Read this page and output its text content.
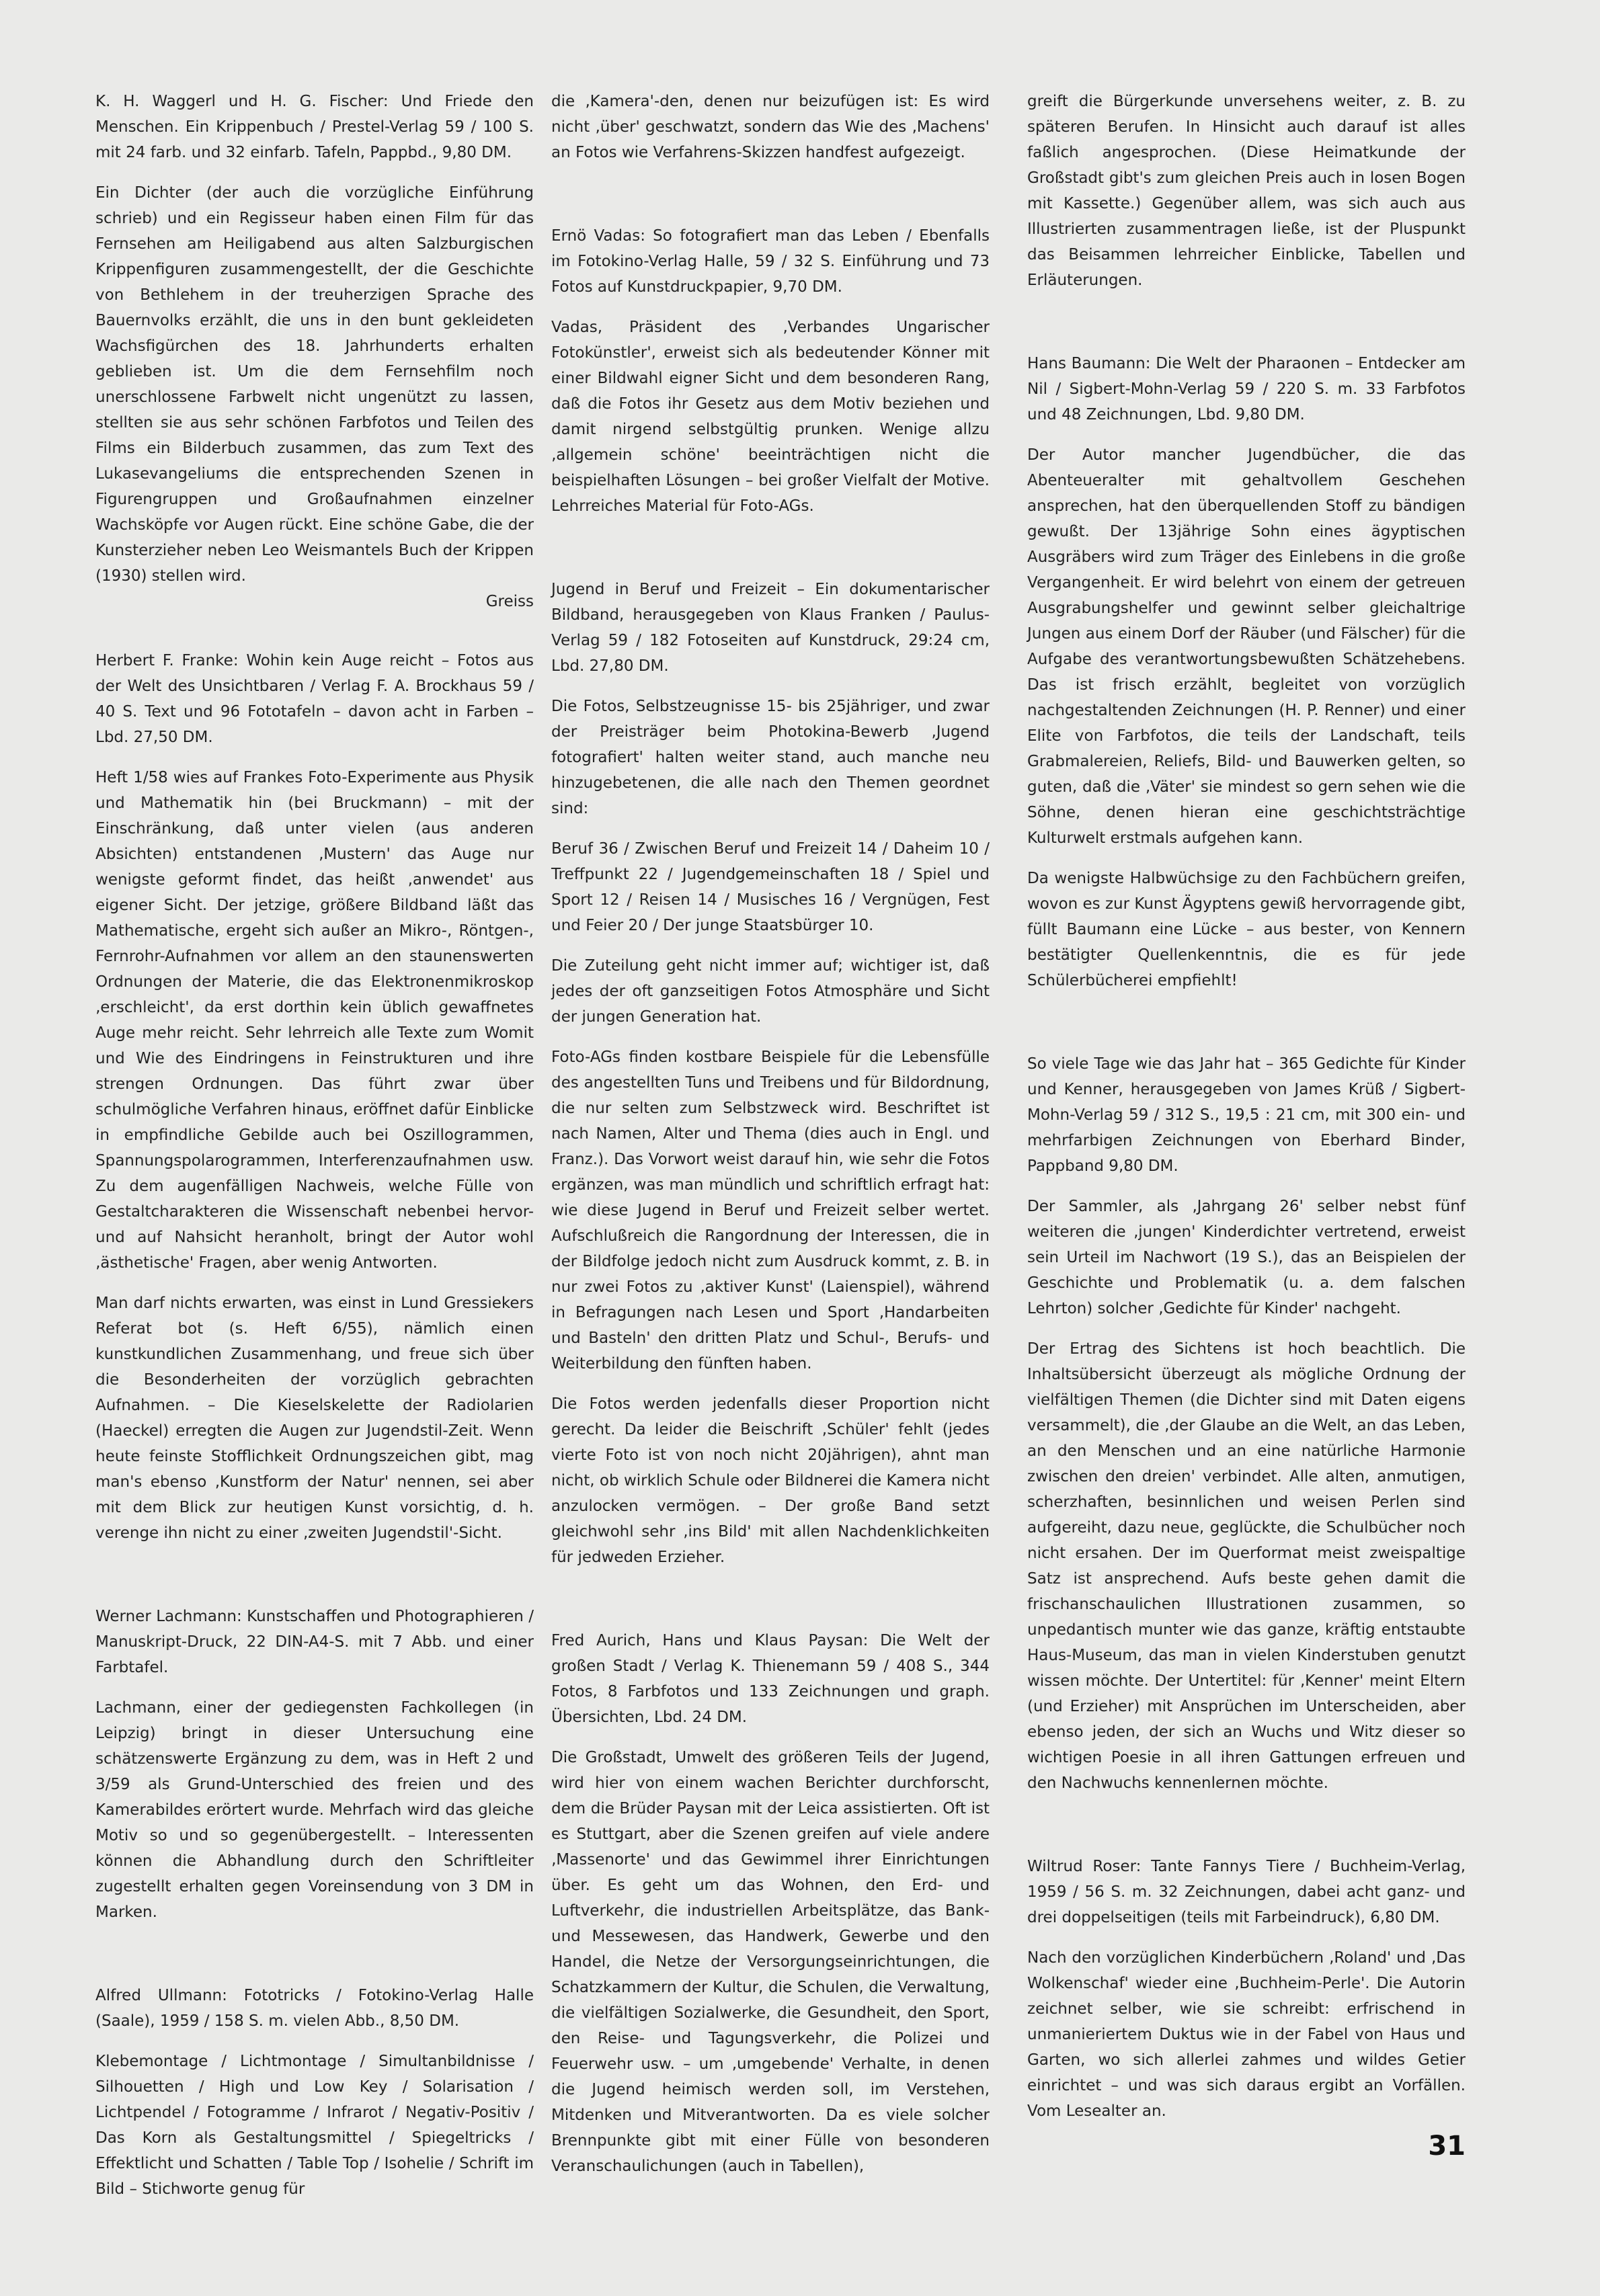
K. H. Waggerl und H. G. Fischer: Und Friede den Menschen. Ein Krippenbuch / Prestel-Verlag 59 / 100 S. mit 24 farb. und 32 einfarb. Tafeln, Pappbd., 9,80 DM.

Ein Dichter (der auch die vorzügliche Einführung schrieb) und ein Regisseur haben einen Film für das Fernsehen am Heiligabend aus alten Salzburgischen Krippenfiguren zusammengestellt, der die Geschichte von Bethlehem in der treuherzigen Sprache des Bauernvolks erzählt, die uns in den bunt gekleideten Wachsfigürchen des 18. Jahrhunderts erhalten geblieben ist. Um die dem Fernsehfilm noch unerschlossene Farbwelt nicht ungenützt zu lassen, stellten sie aus sehr schönen Farbfotos und Teilen des Films ein Bilderbuch zusammen, das zum Text des Lukasevangeliums die entsprechenden Szenen in Figurengruppen und Großaufnahmen einzelner Wachsköpfe vor Augen rückt. Eine schöne Gabe, die der Kunsterzieher neben Leo Weismantels Buch der Krippen (1930) stellen wird.
Greiss

Herbert F. Franke: Wohin kein Auge reicht – Fotos aus der Welt des Unsichtbaren / Verlag F. A. Brockhaus 59 / 40 S. Text und 96 Fototafeln – davon acht in Farben – Lbd. 27,50 DM.

Heft 1/58 wies auf Frankes Foto-Experimente aus Physik und Mathematik hin (bei Bruckmann) – mit der Einschränkung, daß unter vielen (aus anderen Absichten) entstandenen ‚Mustern' das Auge nur wenigste geformt findet, das heißt ‚anwendet' aus eigener Sicht. Der jetzige, größere Bildband läßt das Mathematische, ergeht sich außer an Mikro-, Röntgen-, Fernrohr-Aufnahmen vor allem an den staunenswerten Ordnungen der Materie, die das Elektronenmikroskop ‚erschleicht', da erst dorthin kein üblich gewaffnetes Auge mehr reicht. Sehr lehrreich alle Texte zum Womit und Wie des Eindringens in Feinstrukturen und ihre strengen Ordnungen. Das führt zwar über schulmögliche Verfahren hinaus, eröffnet dafür Einblicke in empfindliche Gebilde auch bei Oszillogrammen, Spannungspolarogrammen, Interferenzaufnahmen usw. Zu dem augenfälligen Nachweis, welche Fülle von Gestaltcharakteren die Wissenschaft nebenbei hervor- und auf Nahsicht heranholt, bringt der Autor wohl ‚ästhetische' Fragen, aber wenig Antworten.

Man darf nichts erwarten, was einst in Lund Gressiekers Referat bot (s. Heft 6/55), nämlich einen kunstkundlichen Zusammenhang, und freue sich über die Besonderheiten der vorzüglich gebrachten Aufnahmen. – Die Kieselskelette der Radiolarien (Haeckel) erregten die Augen zur Jugendstil-Zeit. Wenn heute feinste Stofflichkeit Ordnungszeichen gibt, mag man's ebenso ‚Kunstform der Natur' nennen, sei aber mit dem Blick zur heutigen Kunst vorsichtig, d. h. verenge ihn nicht zu einer ‚zweiten Jugendstil'-Sicht.

Werner Lachmann: Kunstschaffen und Photographieren / Manuskript-Druck, 22 DIN-A4-S. mit 7 Abb. und einer Farbtafel.

Lachmann, einer der gediegensten Fachkollegen (in Leipzig) bringt in dieser Untersuchung eine schätzenswerte Ergänzung zu dem, was in Heft 2 und 3/59 als Grund-Unterschied des freien und des Kamerabildes erörtert wurde. Mehrfach wird das gleiche Motiv so und so gegenübergestellt. – Interessenten können die Abhandlung durch den Schriftleiter zugestellt erhalten gegen Voreinsendung von 3 DM in Marken.

Alfred Ullmann: Fototricks / Fotokino-Verlag Halle (Saale), 1959 / 158 S. m. vielen Abb., 8,50 DM.

Klebemontage / Lichtmontage / Simultanbildnisse / Silhouetten / High und Low Key / Solarisation / Lichtpendel / Fotogramme / Infrarot / Negativ-Positiv / Das Korn als Gestaltungsmittel / Spiegeltricks / Effektlicht und Schatten / Table Top / Isohelie / Schrift im Bild – Stichworte genug für

die ‚Kamera'-den, denen nur beizufügen ist: Es wird nicht ‚über' geschwatzt, sondern das Wie des ‚Machens' an Fotos wie Verfahrens-Skizzen handfest aufgezeigt.

Ernö Vadas: So fotografiert man das Leben / Ebenfalls im Fotokino-Verlag Halle, 59 / 32 S. Einführung und 73 Fotos auf Kunstdruckpapier, 9,70 DM.

Vadas, Präsident des ‚Verbandes Ungarischer Fotokünstler', erweist sich als bedeutender Könner mit einer Bildwahl eigner Sicht und dem besonderen Rang, daß die Fotos ihr Gesetz aus dem Motiv beziehen und damit nirgend selbstgültig prunken. Wenige allzu ‚allgemein schöne' beeinträchtigen nicht die beispielhaften Lösungen – bei großer Vielfalt der Motive. Lehrreiches Material für Foto-AGs.

Jugend in Beruf und Freizeit – Ein dokumentarischer Bildband, herausgegeben von Klaus Franken / Paulus-Verlag 59 / 182 Fotoseiten auf Kunstdruck, 29:24 cm, Lbd. 27,80 DM.

Die Fotos, Selbstzeugnisse 15- bis 25jähriger, und zwar der Preisträger beim Photokina-Bewerb ‚Jugend fotografiert' halten weiter stand, auch manche neu hinzugebetenen, die alle nach den Themen geordnet sind:

Beruf 36 / Zwischen Beruf und Freizeit 14 / Daheim 10 / Treffpunkt 22 / Jugendgemeinschaften 18 / Spiel und Sport 12 / Reisen 14 / Musisches 16 / Vergnügen, Fest und Feier 20 / Der junge Staatsbürger 10.

Die Zuteilung geht nicht immer auf; wichtiger ist, daß jedes der oft ganzseitigen Fotos Atmosphäre und Sicht der jungen Generation hat.

Foto-AGs finden kostbare Beispiele für die Lebensfülle des angestellten Tuns und Treibens und für Bildordnung, die nur selten zum Selbstzweck wird. Beschriftet ist nach Namen, Alter und Thema (dies auch in Engl. und Franz.). Das Vorwort weist darauf hin, wie sehr die Fotos ergänzen, was man mündlich und schriftlich erfragt hat: wie diese Jugend in Beruf und Freizeit selber wertet. Aufschlußreich die Rangordnung der Interessen, die in der Bildfolge jedoch nicht zum Ausdruck kommt, z. B. in nur zwei Fotos zu ‚aktiver Kunst' (Laienspiel), während in Befragungen nach Lesen und Sport ‚Handarbeiten und Basteln' den dritten Platz und Schul-, Berufs- und Weiterbildung den fünften haben.

Die Fotos werden jedenfalls dieser Proportion nicht gerecht. Da leider die Beischrift ‚Schüler' fehlt (jedes vierte Foto ist von noch nicht 20jährigen), ahnt man nicht, ob wirklich Schule oder Bildnerei die Kamera nicht anzulocken vermögen. – Der große Band setzt gleichwohl sehr ‚ins Bild' mit allen Nachdenklichkeiten für jedweden Erzieher.

Fred Aurich, Hans und Klaus Paysan: Die Welt der großen Stadt / Verlag K. Thienemann 59 / 408 S., 344 Fotos, 8 Farbfotos und 133 Zeichnungen und graph. Übersichten, Lbd. 24 DM.

Die Großstadt, Umwelt des größeren Teils der Jugend, wird hier von einem wachen Berichter durchforscht, dem die Brüder Paysan mit der Leica assistierten. Oft ist es Stuttgart, aber die Szenen greifen auf viele andere ‚Massenorte' und das Gewimmel ihrer Einrichtungen über. Es geht um das Wohnen, den Erd- und Luftverkehr, die industriellen Arbeitsplätze, das Bank- und Messewesen, das Handwerk, Gewerbe und den Handel, die Netze der Versorgungseinrichtungen, die Schatzkammern der Kultur, die Schulen, die Verwaltung, die vielfältigen Sozialwerke, die Gesundheit, den Sport, den Reise- und Tagungsverkehr, die Polizei und Feuerwehr usw. – um ‚umgebende' Verhalte, in denen die Jugend heimisch werden soll, im Verstehen, Mitdenken und Mitverantworten. Da es viele solcher Brennpunkte gibt mit einer Fülle von besonderen Veranschaulichungen (auch in Tabellen),

greift die Bürgerkunde unversehens weiter, z. B. zu späteren Berufen. In Hinsicht auch darauf ist alles faßlich angesprochen. (Diese Heimatkunde der Großstadt gibt's zum gleichen Preis auch in losen Bogen mit Kassette.) Gegenüber allem, was sich auch aus Illustrierten zusammentragen ließe, ist der Pluspunkt das Beisammen lehrreicher Einblicke, Tabellen und Erläuterungen.

Hans Baumann: Die Welt der Pharaonen – Entdecker am Nil / Sigbert-Mohn-Verlag 59 / 220 S. m. 33 Farbfotos und 48 Zeichnungen, Lbd. 9,80 DM.

Der Autor mancher Jugendbücher, die das Abenteueralter mit gehaltvollem Geschehen ansprechen, hat den überquellenden Stoff zu bändigen gewußt. Der 13jährige Sohn eines ägyptischen Ausgräbers wird zum Träger des Einlebens in die große Vergangenheit. Er wird belehrt von einem der getreuen Ausgrabungshelfer und gewinnt selber gleichaltrige Jungen aus einem Dorf der Räuber (und Fälscher) für die Aufgabe des verantwortungsbewußten Schätzehebens. Das ist frisch erzählt, begleitet von vorzüglich nachgestaltenden Zeichnungen (H. P. Renner) und einer Elite von Farbfotos, die teils der Landschaft, teils Grabmalereien, Reliefs, Bild- und Bauwerken gelten, so guten, daß die ‚Väter' sie mindest so gern sehen wie die Söhne, denen hieran eine geschichtsträchtige Kulturwelt erstmals aufgehen kann.

Da wenigste Halbwüchsige zu den Fachbüchern greifen, wovon es zur Kunst Ägyptens gewiß hervorragende gibt, füllt Baumann eine Lücke – aus bester, von Kennern bestätigter Quellenkenntnis, die es für jede Schülerbücherei empfiehlt!

So viele Tage wie das Jahr hat – 365 Gedichte für Kinder und Kenner, herausgegeben von James Krüß / Sigbert-Mohn-Verlag 59 / 312 S., 19,5 : 21 cm, mit 300 ein- und mehrfarbigen Zeichnungen von Eberhard Binder, Pappband 9,80 DM.

Der Sammler, als ‚Jahrgang 26' selber nebst fünf weiteren die ‚jungen' Kinderdichter vertretend, erweist sein Urteil im Nachwort (19 S.), das an Beispielen der Geschichte und Problematik (u. a. dem falschen Lehrton) solcher ‚Gedichte für Kinder' nachgeht.

Der Ertrag des Sichtens ist hoch beachtlich. Die Inhaltsübersicht überzeugt als mögliche Ordnung der vielfältigen Themen (die Dichter sind mit Daten eigens versammelt), die ‚der Glaube an die Welt, an das Leben, an den Menschen und an eine natürliche Harmonie zwischen den dreien' verbindet. Alle alten, anmutigen, scherzhaften, besinnlichen und weisen Perlen sind aufgereiht, dazu neue, geglückte, die Schulbücher noch nicht ersahen. Der im Querformat meist zweispaltige Satz ist ansprechend. Aufs beste gehen damit die frischanschaulichen Illustrationen zusammen, so unpedantisch munter wie das ganze, kräftig entstaubte Haus-Museum, das man in vielen Kinderstuben genutzt wissen möchte. Der Untertitel: für ‚Kenner' meint Eltern (und Erzieher) mit Ansprüchen im Unterscheiden, aber ebenso jeden, der sich an Wuchs und Witz dieser so wichtigen Poesie in all ihren Gattungen erfreuen und den Nachwuchs kennenlernen möchte.

Wiltrud Roser: Tante Fannys Tiere / Buchheim-Verlag, 1959 / 56 S. m. 32 Zeichnungen, dabei acht ganz- und drei doppelseitigen (teils mit Farbeindruck), 6,80 DM.

Nach den vorzüglichen Kinderbüchern ‚Roland' und ‚Das Wolkenschaf' wieder eine ‚Buchheim-Perle'. Die Autorin zeichnet selber, wie sie schreibt: erfrischend in unmanieriertem Duktus wie in der Fabel von Haus und Garten, wo sich allerlei zahmes und wildes Getier einrichtet – und was sich daraus ergibt an Vorfällen. Vom Lesealter an.

31
